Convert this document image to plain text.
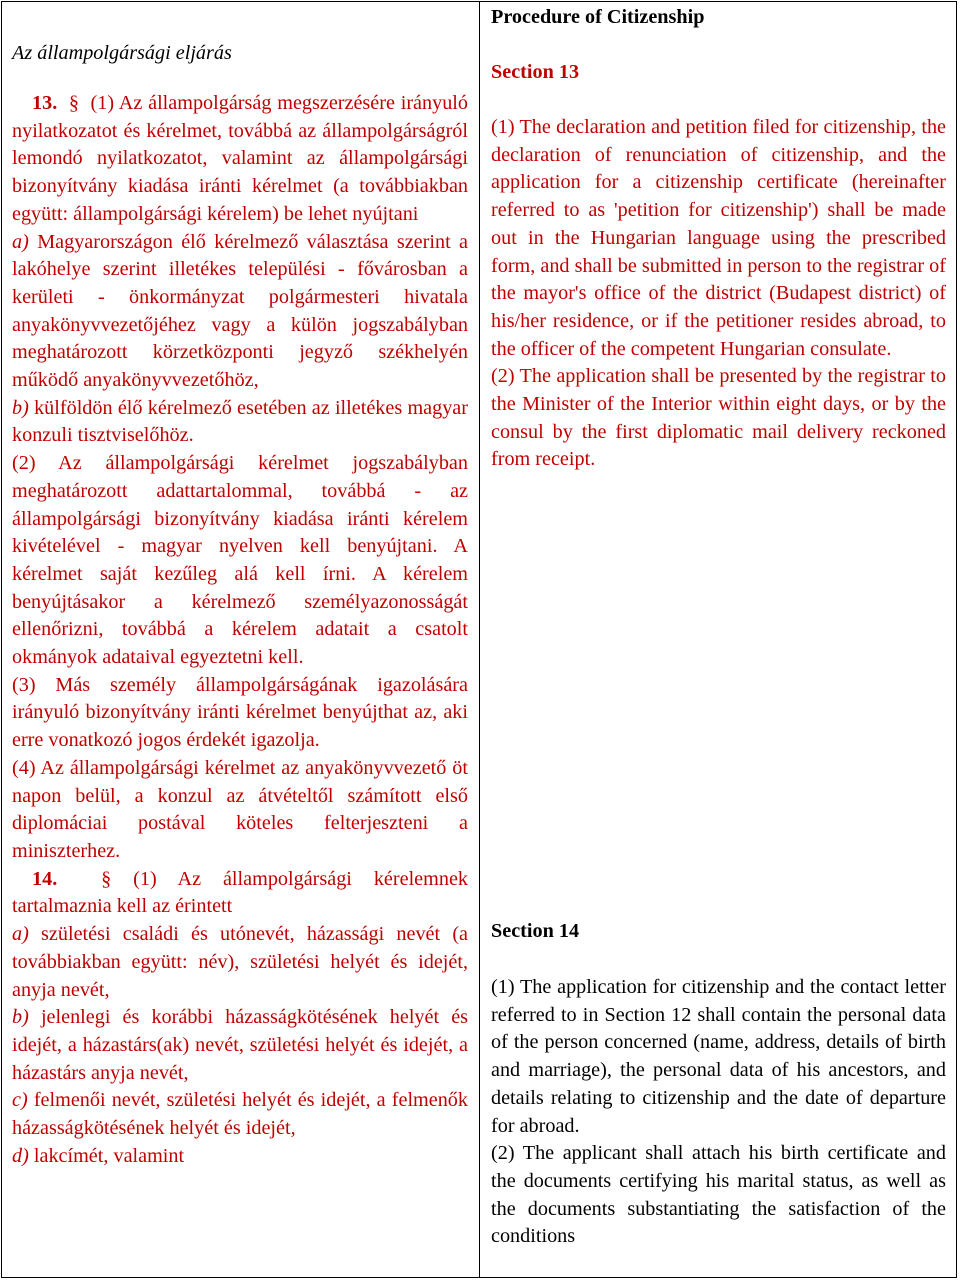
Az állampolgársági eljárás

13. § (1) Az állampolgárság megszerzésére irányuló nyilatkozatot és kérelmet, továbbá az állampolgárságról lemondó nyilatkozatot, valamint az állampolgársági bizonyítvány kiadása iránti kérelmet (a továbbiakban együtt: állampolgársági kérelem) be lehet nyújtani
a) Magyarországon élő kérelmező választása szerint a lakóhelye szerint illetékes települési - fővárosban a kerületi - önkormányzat polgármesteri hivatala anyakönyvvezetőjéhez vagy a külön jogszabályban meghatározott körzetközponti jegyző székhelyén működő anyakönyvvezetőhöz,
b) külföldön élő kérelmező esetében az illetékes magyar konzuli tisztviselőhöz.

(2) Az állampolgársági kérelmet jogszabályban meghatározott adattartalommal, továbbá - az állampolgársági bizonyítvány kiadása iránti kérelem kivételével - magyar nyelven kell benyújtani. A kérelmet saját kezűleg alá kell írni. A kérelem benyújtásakor a kérelmező személyazonosságát ellenőrizni, továbbá a kérelem adatait a csatolt okmányok adataival egyeztetni kell.

(3) Más személy állampolgárságának igazolására irányuló bizonyítvány iránti kérelmet benyújthat az, aki erre vonatkozó jogos érdekét igazolja.

(4) Az állampolgársági kérelmet az anyakönyvvezető öt napon belül, a konzul az átvételtől számított első diplomáciai postával köteles felterjeszteni a miniszterhez.

14. § (1) Az állampolgársági kérelemnek tartalmaznia kell az érintett
a) születési családi és utónevét, házassági nevét (a továbbiakban együtt: név), születési helyét és idejét, anyja nevét,
b) jelenlegi és korábbi házasságkötésének helyét és idejét, a házastárs(ak) nevét, születési helyét és idejét, a házastárs anyja nevét,
c) felmenői nevét, születési helyét és idejét, a felmenők házasságkötésének helyét és idejét,
d) lakcímét, valamint

Procedure of Citizenship

Section 13

(1) The declaration and petition filed for citizenship, the declaration of renunciation of citizenship, and the application for a citizenship certificate (hereinafter referred to as 'petition for citizenship') shall be made out in the Hungarian language using the prescribed form, and shall be submitted in person to the registrar of the mayor's office of the district (Budapest district) of his/her residence, or if the petitioner resides abroad, to the officer of the competent Hungarian consulate.

(2) The application shall be presented by the registrar to the Minister of the Interior within eight days, or by the consul by the first diplomatic mail delivery reckoned from receipt.

Section 14

(1) The application for citizenship and the contact letter referred to in Section 12 shall contain the personal data of the person concerned (name, address, details of birth and marriage), the personal data of his ancestors, and details relating to citizenship and the date of departure for abroad.

(2) The applicant shall attach his birth certificate and the documents certifying his marital status, as well as the documents substantiating the satisfaction of the conditions
